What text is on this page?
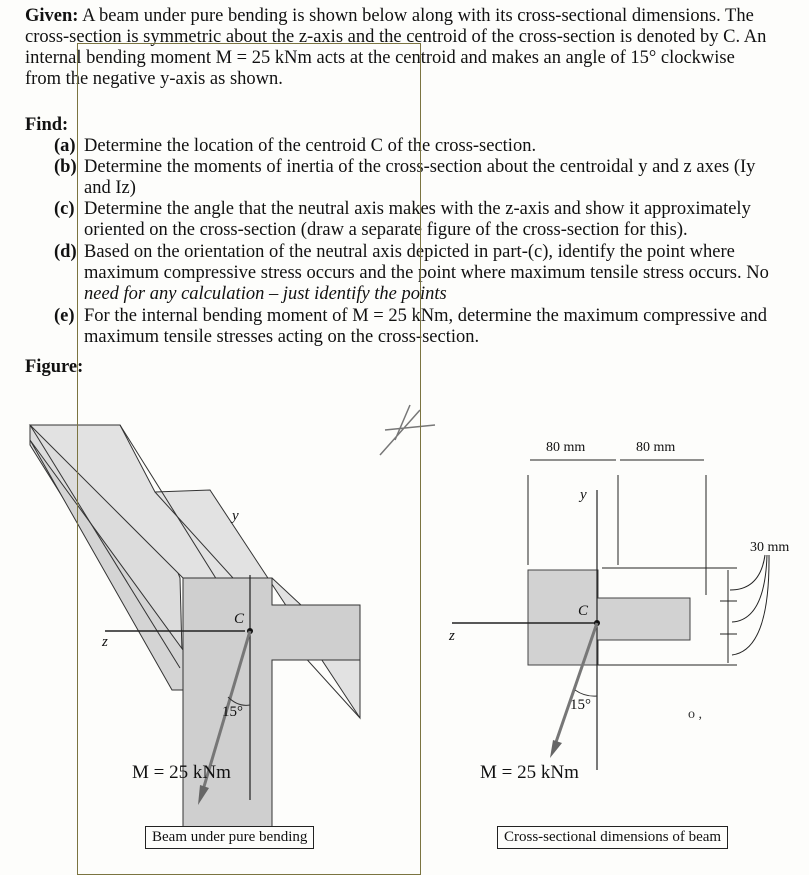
Given: A beam under pure bending is shown below along with its cross-sectional dimensions. The
cross-section is symmetric about the z-axis and the centroid of the cross-section is denoted by C. An
internal bending moment M = 25 kNm acts at the centroid and makes an angle of 15° clockwise
from the negative y-axis as shown.
Find:
(a) Determine the location of the centroid C of the cross-section.
(b) Determine the moments of inertia of the cross-section about the centroidal y and z axes (Iy
and Iz)
(c) Determine the angle that the neutral axis makes with the z-axis and show it approximately
oriented on the cross-section (draw a separate figure of the cross-section for this).
(d) Based on the orientation of the neutral axis depicted in part-(c), identify the point where
maximum compressive stress occurs and the point where maximum tensile stress occurs. No
need for any calculation – just identify the points
(e) For the internal bending moment of M = 25 kNm, determine the maximum compressive and
maximum tensile stresses acting on the cross-section.
Figure:
o ,
y
z
C
15°
M = 25 kNm
Beam under pure bending
80 mm	80 mm
30 mm
y
z
C
15°
M = 25 kNm
Cross-sectional dimensions of beam
